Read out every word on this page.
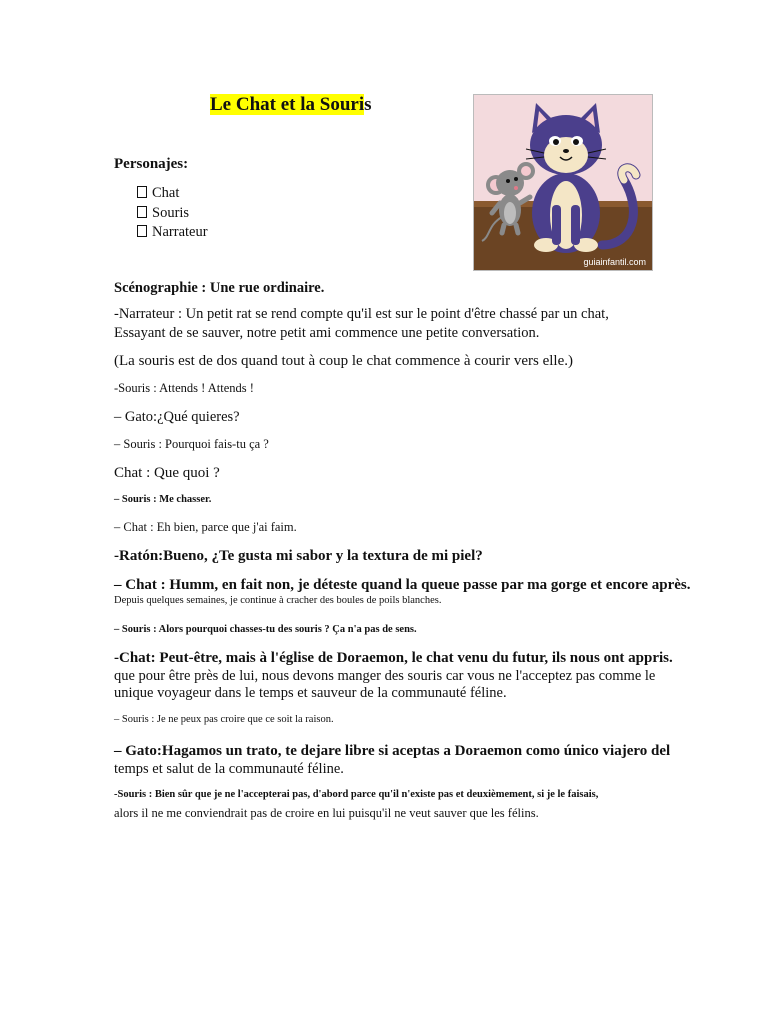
Le Chat et la Souris
Personajes:
Chat
Souris
Narrateur
guiainfantil.com
Scénographie : Une rue ordinaire.
-Narrateur : Un petit rat se rend compte qu'il est sur le point d'être chassé par un chat,
Essayant de se sauver, notre petit ami commence une petite conversation.
(La souris est de dos quand tout à coup le chat commence à courir vers elle.)
-Souris : Attends ! Attends !
– Gato:¿Qué quieres?
– Souris : Pourquoi fais-tu ça ?
Chat : Que quoi ?
– Souris : Me chasser.
– Chat : Eh bien, parce que j'ai faim.
-Ratón:Bueno, ¿Te gusta mi sabor y la textura de mi piel?
– Chat : Humm, en fait non, je déteste quand la queue passe par ma gorge et encore après.
Depuis quelques semaines, je continue à cracher des boules de poils blanches.
– Souris : Alors pourquoi chasses-tu des souris ? Ça n'a pas de sens.
-Chat: Peut-être, mais à l'église de Doraemon, le chat venu du futur, ils nous ont appris.
que pour être près de lui, nous devons manger des souris car vous ne l'acceptez pas comme le
unique voyageur dans le temps et sauveur de la communauté féline.
– Souris : Je ne peux pas croire que ce soit la raison.
– Gato:Hagamos un trato, te dejare libre si aceptas a Doraemon como único viajero del
temps et salut de la communauté féline.
-Souris : Bien sûr que je ne l'accepterai pas, d'abord parce qu'il n'existe pas et deuxièmement, si je le faisais,
alors il ne me conviendrait pas de croire en lui puisqu'il ne veut sauver que les félins.
